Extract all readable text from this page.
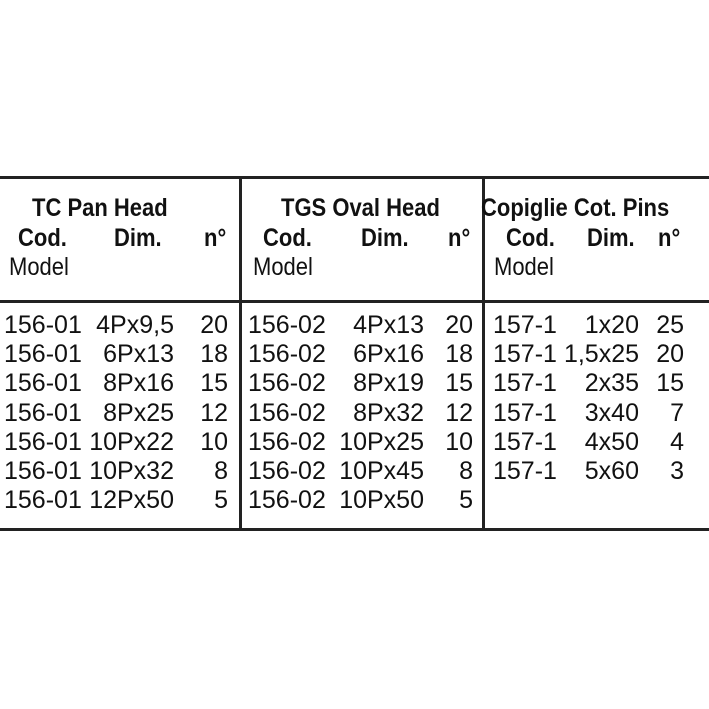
TC Pan Head
Cod. Dim. n°
Model
TGS Oval Head
Cod. Dim. n°
Model
Copiglie Cot. Pins
Cod. Dim. n°
Model
156-01 4Px9,5 20
156-01 6Px13 18
156-01 8Px16 15
156-01 8Px25 12
156-01 10Px22 10
156-01 10Px32 8
156-01 12Px50 5
156-02 4Px13 20
156-02 6Px16 18
156-02 8Px19 15
156-02 8Px32 12
156-02 10Px25 10
156-02 10Px45 8
156-02 10Px50 5
157-1 1x20 25
157-1 1,5x25 20
157-1 2x35 15
157-1 3x40 7
157-1 4x50 4
157-1 5x60 3
